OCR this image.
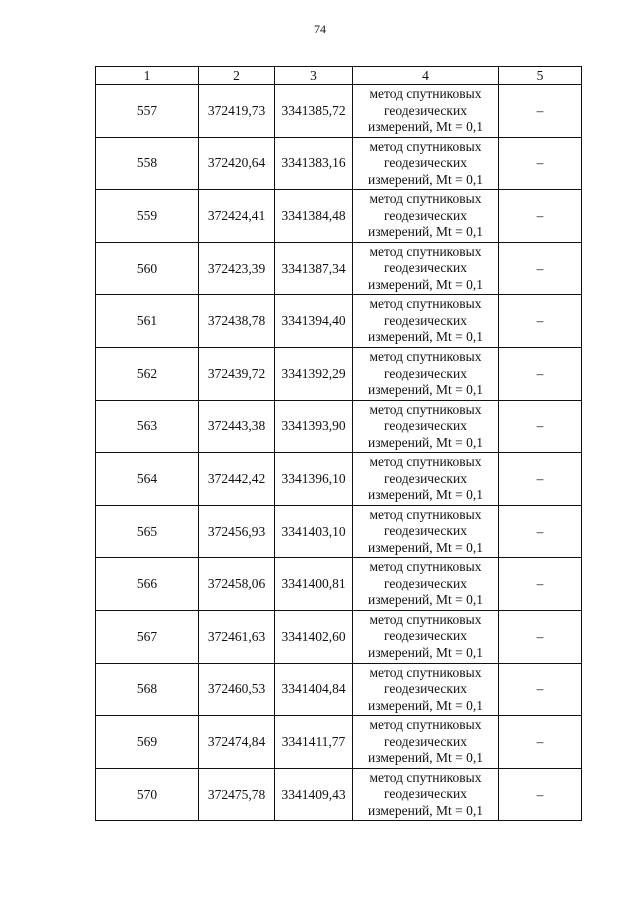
74
1	2	3	4	5
557	372419,73	3341385,72	метод спутниковых
геодезических
измерений, Mt = 0,1	–
558	372420,64	3341383,16	метод спутниковых
геодезических
измерений, Mt = 0,1	–
559	372424,41	3341384,48	метод спутниковых
геодезических
измерений, Mt = 0,1	–
560	372423,39	3341387,34	метод спутниковых
геодезических
измерений, Mt = 0,1	–
561	372438,78	3341394,40	метод спутниковых
геодезических
измерений, Mt = 0,1	–
562	372439,72	3341392,29	метод спутниковых
геодезических
измерений, Mt = 0,1	–
563	372443,38	3341393,90	метод спутниковых
геодезических
измерений, Mt = 0,1	–
564	372442,42	3341396,10	метод спутниковых
геодезических
измерений, Mt = 0,1	–
565	372456,93	3341403,10	метод спутниковых
геодезических
измерений, Mt = 0,1	–
566	372458,06	3341400,81	метод спутниковых
геодезических
измерений, Mt = 0,1	–
567	372461,63	3341402,60	метод спутниковых
геодезических
измерений, Mt = 0,1	–
568	372460,53	3341404,84	метод спутниковых
геодезических
измерений, Mt = 0,1	–
569	372474,84	3341411,77	метод спутниковых
геодезических
измерений, Mt = 0,1	–
570	372475,78	3341409,43	метод спутниковых
геодезических
измерений, Mt = 0,1	–
